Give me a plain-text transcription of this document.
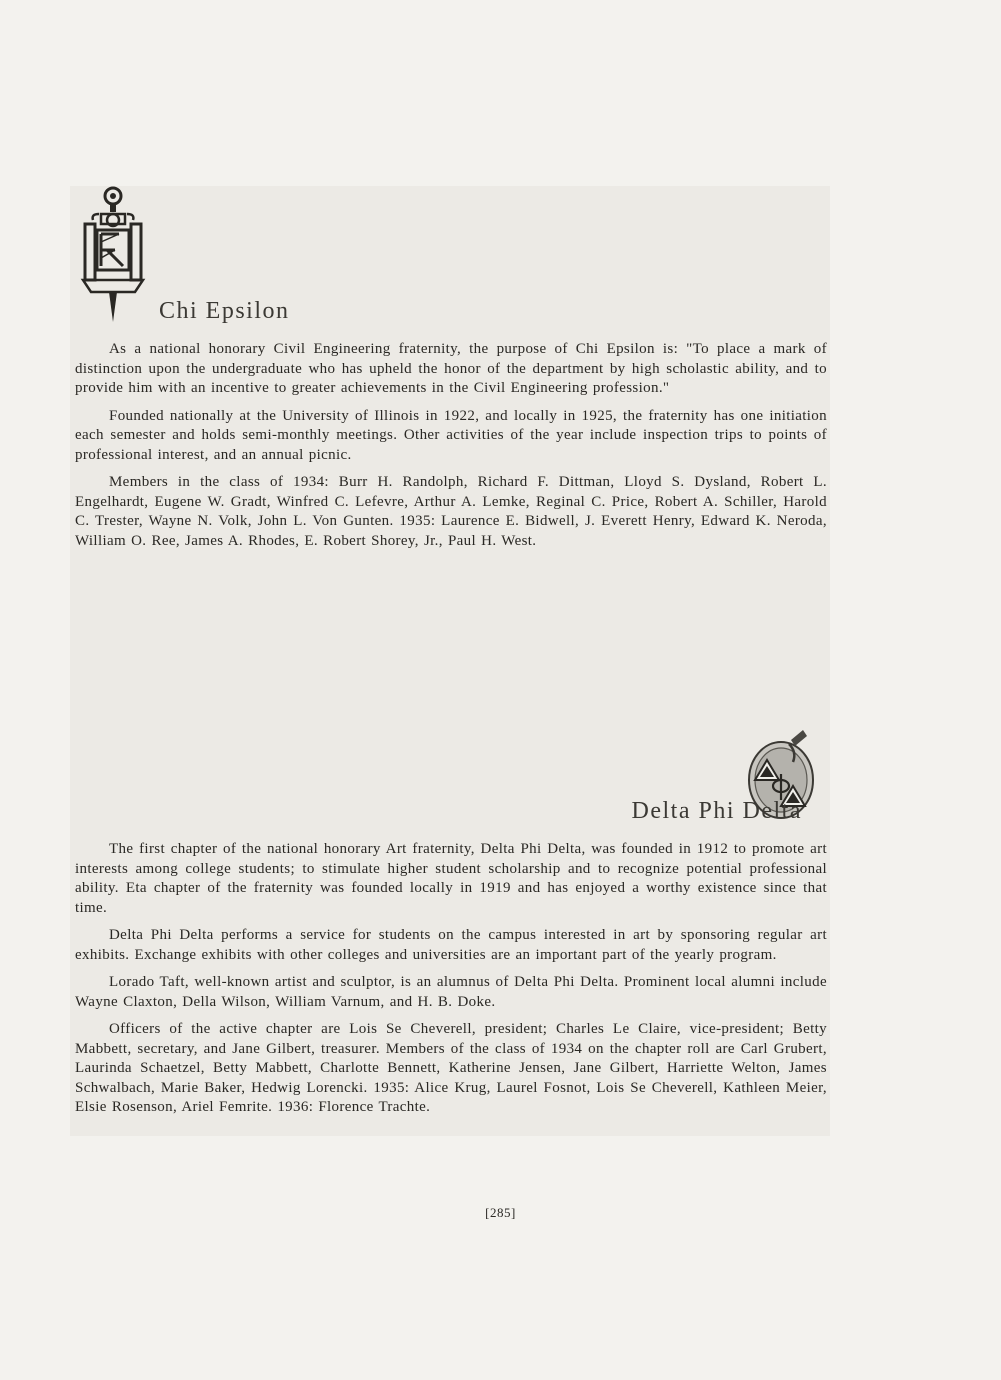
Chi Epsilon

As a national honorary Civil Engineering fraternity, the purpose of Chi Epsilon is: "To place a mark of distinction upon the undergraduate who has upheld the honor of the department by high scholastic ability, and to provide him with an incentive to greater achievements in the Civil Engineering profession."

Founded nationally at the University of Illinois in 1922, and locally in 1925, the fraternity has one initiation each semester and holds semi-monthly meetings. Other activities of the year include inspection trips to points of professional interest, and an annual picnic.

Members in the class of 1934: Burr H. Randolph, Richard F. Dittman, Lloyd S. Dysland, Robert L. Engelhardt, Eugene W. Gradt, Winfred C. Lefevre, Arthur A. Lemke, Reginal C. Price, Robert A. Schiller, Harold C. Trester, Wayne N. Volk, John L. Von Gunten. 1935: Laurence E. Bidwell, J. Everett Henry, Edward K. Neroda, William O. Ree, James A. Rhodes, E. Robert Shorey, Jr., Paul H. West.

Delta Phi Delta

The first chapter of the national honorary Art fraternity, Delta Phi Delta, was founded in 1912 to promote art interests among college students; to stimulate higher student scholarship and to recognize potential professional ability. Eta chapter of the fraternity was founded locally in 1919 and has enjoyed a worthy existence since that time.

Delta Phi Delta performs a service for students on the campus interested in art by sponsoring regular art exhibits. Exchange exhibits with other colleges and universities are an important part of the yearly program.

Lorado Taft, well-known artist and sculptor, is an alumnus of Delta Phi Delta. Prominent local alumni include Wayne Claxton, Della Wilson, William Varnum, and H. B. Doke.

Officers of the active chapter are Lois Se Cheverell, president; Charles Le Claire, vice-president; Betty Mabbett, secretary, and Jane Gilbert, treasurer. Members of the class of 1934 on the chapter roll are Carl Grubert, Laurinda Schaetzel, Betty Mabbett, Charlotte Bennett, Katherine Jensen, Jane Gilbert, Harriette Welton, James Schwalbach, Marie Baker, Hedwig Lorencki. 1935: Alice Krug, Laurel Fosnot, Lois Se Cheverell, Kathleen Meier, Elsie Rosenson, Ariel Femrite. 1936: Florence Trachte.

[285]
